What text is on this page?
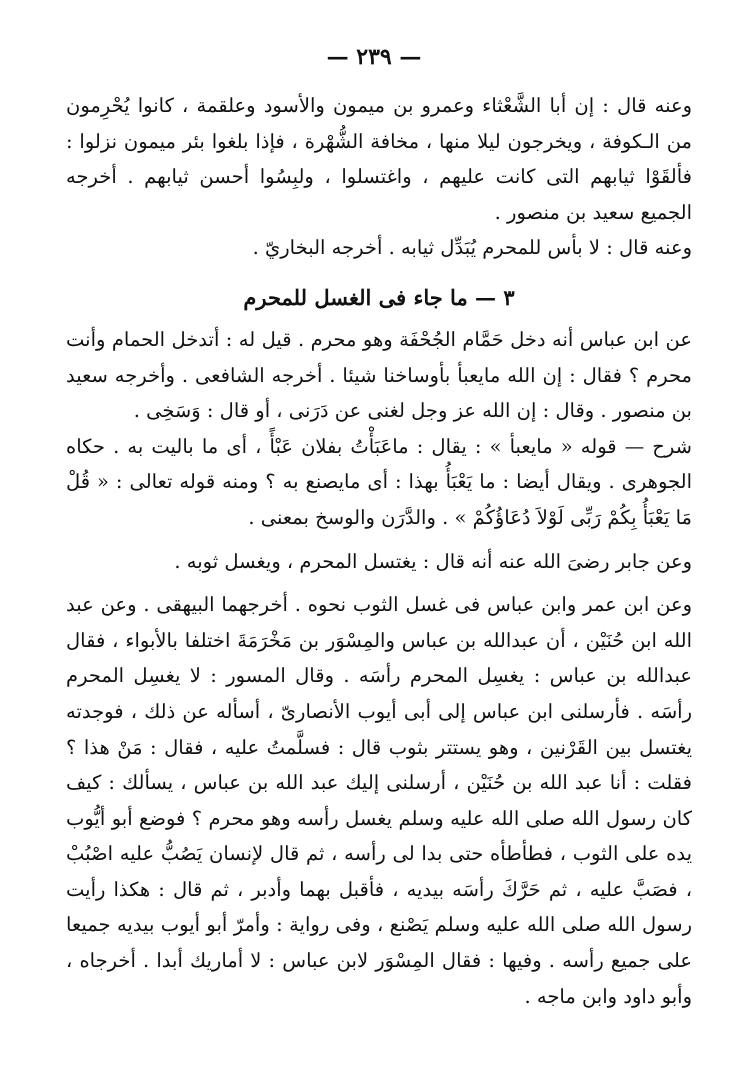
— ٢٣٩ —

وعنه قال : إن أبا الشَّعْثاء وعمرو بن ميمون والأسود وعلقمة ، كانوا يُحْرِمون من الـكوفة ، ويخرجون ليلا منها ، مخافة الشُّهْرة ، فإذا بلغوا بئر ميمون نزلوا : فألقَوْا ثيابهم التى كانت عليهم ، واغتسلوا ، ولبِسُوا أحسن ثيابهم . أخرجه الجميع سعيد بن منصور .

وعنه قال : لا بأس للمحرم يُبَدِّل ثيابه . أخرجه البخاريّ .

٣ — ما جاء فى الغسل للمحرم

عن ابن عباس أنه دخل حَمَّام الجُحْفَة وهو محرم . قيل له : أتدخل الحمام وأنت محرم ؟ فقال : إن الله مايعبأ بأوساخنا شيئا . أخرجه الشافعى . وأخرجه سعيد بن منصور . وقال : إن الله عز وجل لغنى عن دَرَنى ، أو قال : وَسَخِى .

شرح — قوله « مايعبأ » : يقال : ماعَبَأْتُ بفلان عَبْأً ، أى ما باليت به . حكاه الجوهرى . ويقال أيضا : ما يَعْبَأُ بهذا : أى مايصنع به ؟ ومنه قوله تعالى : « قُلْ مَا يَعْبَأُ بِكُمْ رَبِّى لَوْلاَ دُعَاؤُكُمْ » . والدَّرَن والوسخ بمعنى .

وعن جابر رضىَ الله عنه أنه قال : يغتسل المحرم ، ويغسل ثوبه .

وعن ابن عمر وابن عباس فى غسل الثوب نحوه . أخرجهما البيهقى . وعن عبد الله ابن حُنَيْن ، أن عبدالله بن عباس والمِسْوَر بن مَخْرَمَةَ اختلفا بالأبواء ، فقال عبدالله بن عباس : يغسِل المحرم رأسَه . وقال المسور : لا يغسِل المحرم رأسَه . فأرسلنى ابن عباس إلى أبى أيوب الأنصارىّ ، أسأله عن ذلك ، فوجدته يغتسل بين القَرْنين ، وهو يستتر بثوب قال : فسلَّمتُ عليه ، فقال : مَنْ هذا ؟ فقلت : أنا عبد الله بن حُنَيْن ، أرسلنى إليك عبد الله بن عباس ، يسألك : كيف كان رسول الله صلى الله عليه وسلم يغسل رأسه وهو محرم ؟ فوضع أبو أيُّوب يده على الثوب ، فطأطأه حتى بدا لى رأسه ، ثم قال لإنسان يَصُبُّ عليه اصْبُبْ ، فصَبَّ عليه ، ثم حَرَّكَ رأسَه بيديه ، فأقبل بهما وأدبر ، ثم قال : هكذا رأيت رسول الله صلى الله عليه وسلم يَصْنع ، وفى رواية : وأمرّ أبو أيوب بيديه جميعا على جميع رأسه . وفيها : فقال المِسْوَر لابن عباس : لا أماريك أبدا . أخرجاه ، وأبو داود وابن ماجه .
